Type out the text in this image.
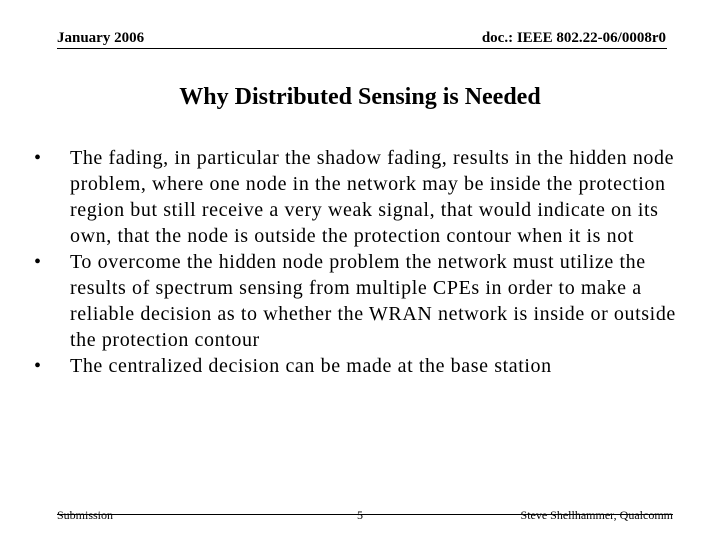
January 2006	doc.: IEEE 802.22-06/0008r0
Why Distributed Sensing is Needed
• The fading, in particular the shadow fading, results in the hidden node problem, where one node in the network may be inside the protection region but still receive a very weak signal, that would indicate on its own, that the node is outside the protection contour when it is not
• To overcome the hidden node problem the network must utilize the results of spectrum sensing from multiple CPEs in order to make a reliable decision as to whether the WRAN network is inside or outside the protection contour
• The centralized decision can be made at the base station
Submission	5	Steve Shellhammer, Qualcomm
